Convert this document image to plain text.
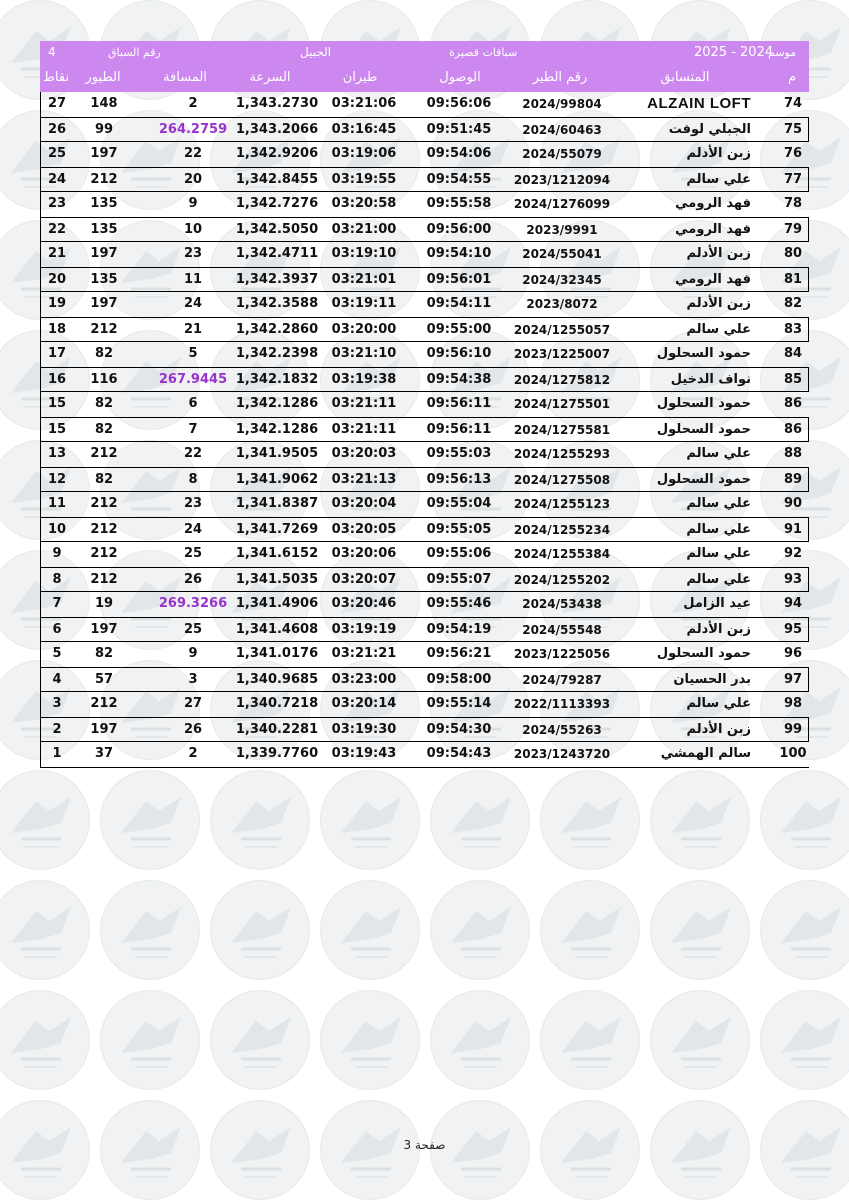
4	رقم السباق	الجبيل	سباقات قصيرة	2025 - 2024
موسم
نقاط	الطيور	المسافة	السرعة	طيران	الوصول	رقم الطير	المتسابق	م
27	148	2	1,343.2730	03:21:06	09:56:06	2024/99804	ALZAIN LOFT	74
26	99	264.2759 1,343.2066	03:16:45	09:51:45	2024/60463	الجبلي لوفت	75
25	197	22	1,342.9206	03:19:06	09:54:06	2024/55079	زبن الأدلم	76
24	212	20	1,342.8455	03:19:55	09:54:55	2023/1212094	علي سالم	77
23	135	9	1,342.7276	03:20:58	09:55:58	2024/1276099	فهد الرومي	78
22	135	10	1,342.5050	03:21:00	09:56:00	2023/9991	فهد الرومي	79
21	197	23	1,342.4711	03:19:10	09:54:10	2024/55041	زبن الأدلم	80
20	135	11	1,342.3937	03:21:01	09:56:01	2024/32345	فهد الرومي	81
19	197	24	1,342.3588	03:19:11	09:54:11	2023/8072	زبن الأدلم	82
18	212	21	1,342.2860	03:20:00	09:55:00	2024/1255057	علي سالم	83
17	82	5	1,342.2398	03:21:10	09:56:10	2023/1225007	حمود السحلول	84
16	116	267.9445 1,342.1832	03:19:38	09:54:38	2024/1275812	نواف الدخيل	85
15	82	6	1,342.1286	03:21:11	09:56:11	2024/1275501	حمود السحلول	86
15	82	7	1,342.1286	03:21:11	09:56:11	2024/1275581	حمود السحلول	86
13	212	22	1,341.9505	03:20:03	09:55:03	2024/1255293	علي سالم	88
12	82	8	1,341.9062	03:21:13	09:56:13	2024/1275508	حمود السحلول	89
11	212	23	1,341.8387	03:20:04	09:55:04	2024/1255123	علي سالم	90
10	212	24	1,341.7269	03:20:05	09:55:05	2024/1255234	علي سالم	91
9	212	25	1,341.6152	03:20:06	09:55:06	2024/1255384	علي سالم	92
8	212	26	1,341.5035	03:20:07	09:55:07	2024/1255202	علي سالم	93
7	19	269.3266 1,341.4906	03:20:46	09:55:46	2024/53438	عيد الزامل	94
6	197	25	1,341.4608	03:19:19	09:54:19	2024/55548	زبن الأدلم	95
5	82	9	1,341.0176	03:21:21	09:56:21	2023/1225056	حمود السحلول	96
4	57	3	1,340.9685	03:23:00	09:58:00	2024/79287	بدر الحسيان	97
3	212	27	1,340.7218	03:20:14	09:55:14	2022/1113393	علي سالم	98
2	197	26	1,340.2281	03:19:30	09:54:30	2024/55263	زبن الأدلم	99
1	37	2	1,339.7760	03:19:43	09:54:43	2023/1243720	سالم الهمشي 100
صفحة 3
